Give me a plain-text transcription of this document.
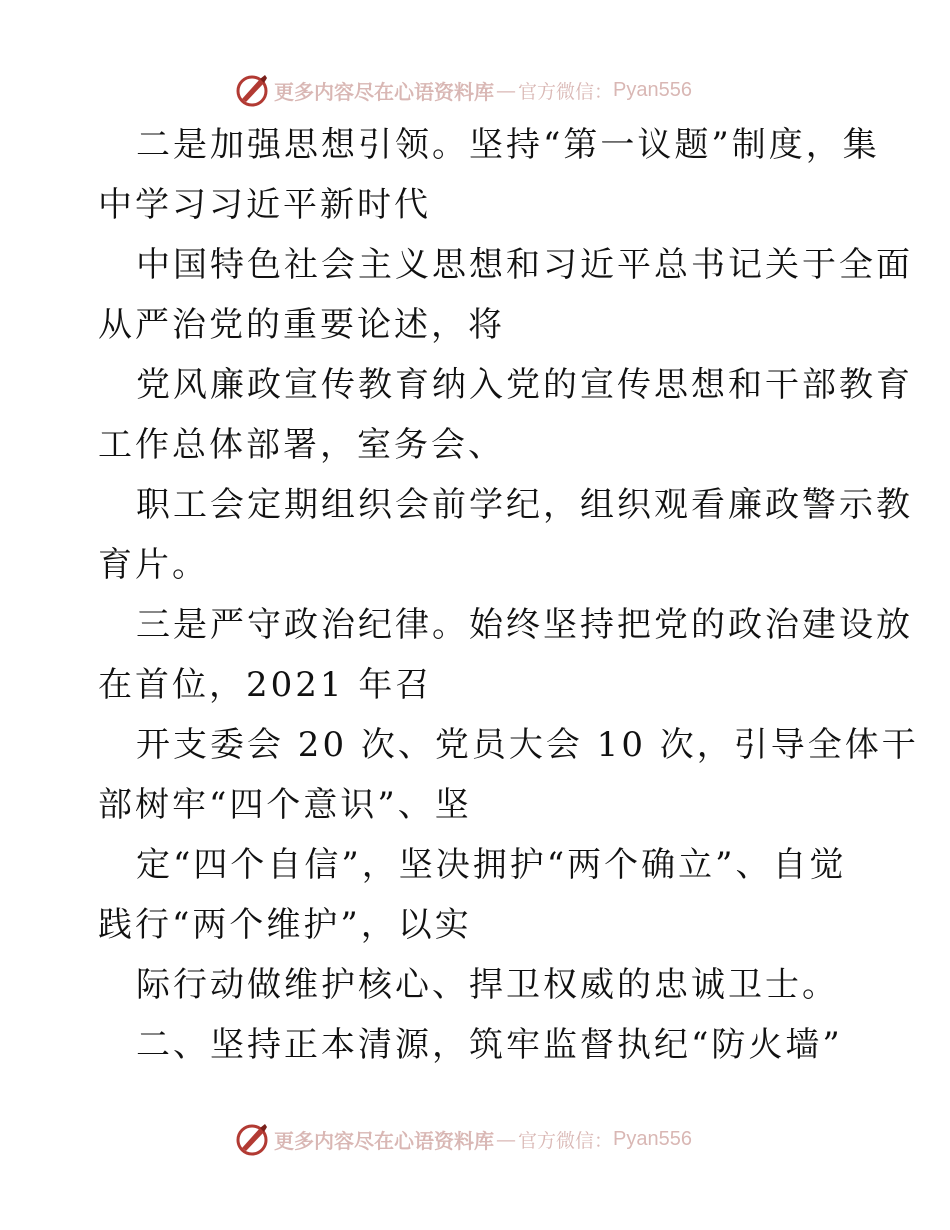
更多内容尽在心语资料库 — 官方微信： Pyan556
二是加强思想引领。坚持“第一议题”制度，集
中学习习近平新时代
中国特色社会主义思想和习近平总书记关于全面
从严治党的重要论述，将
党风廉政宣传教育纳入党的宣传思想和干部教育
工作总体部署，室务会、
职工会定期组织会前学纪，组织观看廉政警示教
育片。
三是严守政治纪律。始终坚持把党的政治建设放
在首位，2021 年召
开支委会 20 次、党员大会 10 次，引导全体干
部树牢“四个意识”、坚
定“四个自信”，坚决拥护“两个确立”、自觉
践行“两个维护”，以实
际行动做维护核心、捍卫权威的忠诚卫士。
二、坚持正本清源，筑牢监督执纪“防火墙”
更多内容尽在心语资料库 — 官方微信： Pyan556
